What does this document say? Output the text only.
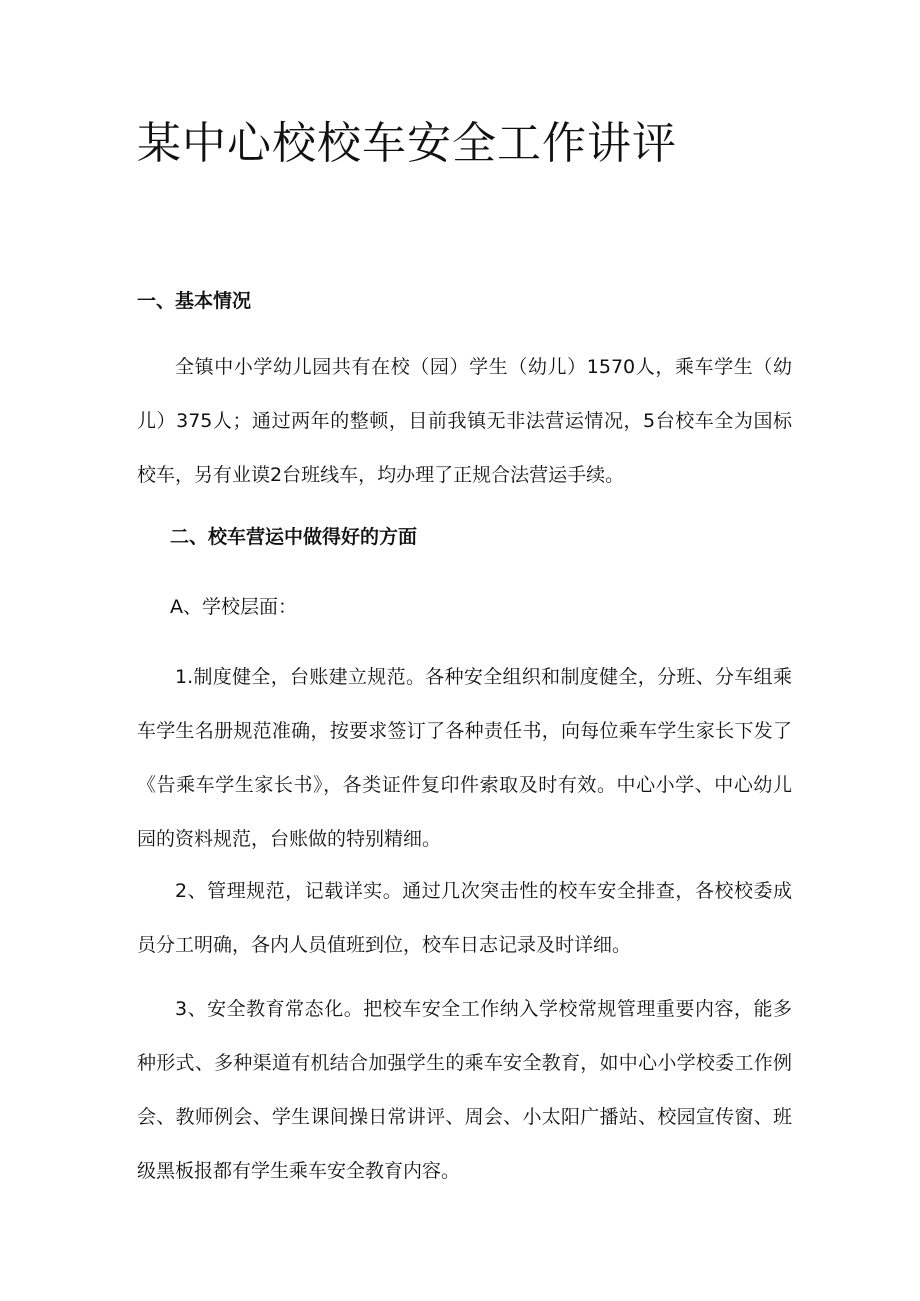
某中心校校车安全工作讲评
一、基本情况

全镇中小学幼儿园共有在校（园）学生（幼儿）1570人，乘车学生（幼儿）375人；通过两年的整顿，目前我镇无非法营运情况，5台校车全为国标校车，另有业谟2台班线车，均办理了正规合法营运手续。

二、校车营运中做得好的方面

A、学校层面：

1.制度健全，台账建立规范。各种安全组织和制度健全，分班、分车组乘车学生名册规范准确，按要求签订了各种责任书，向每位乘车学生家长下发了《告乘车学生家长书》，各类证件复印件索取及时有效。中心小学、中心幼儿园的资料规范，台账做的特别精细。

2、管理规范，记载详实。通过几次突击性的校车安全排查，各校校委成员分工明确，各内人员值班到位，校车日志记录及时详细。

3、安全教育常态化。把校车安全工作纳入学校常规管理重要内容，能多种形式、多种渠道有机结合加强学生的乘车安全教育，如中心小学校委工作例会、教师例会、学生课间操日常讲评、周会、小太阳广播站、校园宣传窗、班级黑板报都有学生乘车安全教育内容。
